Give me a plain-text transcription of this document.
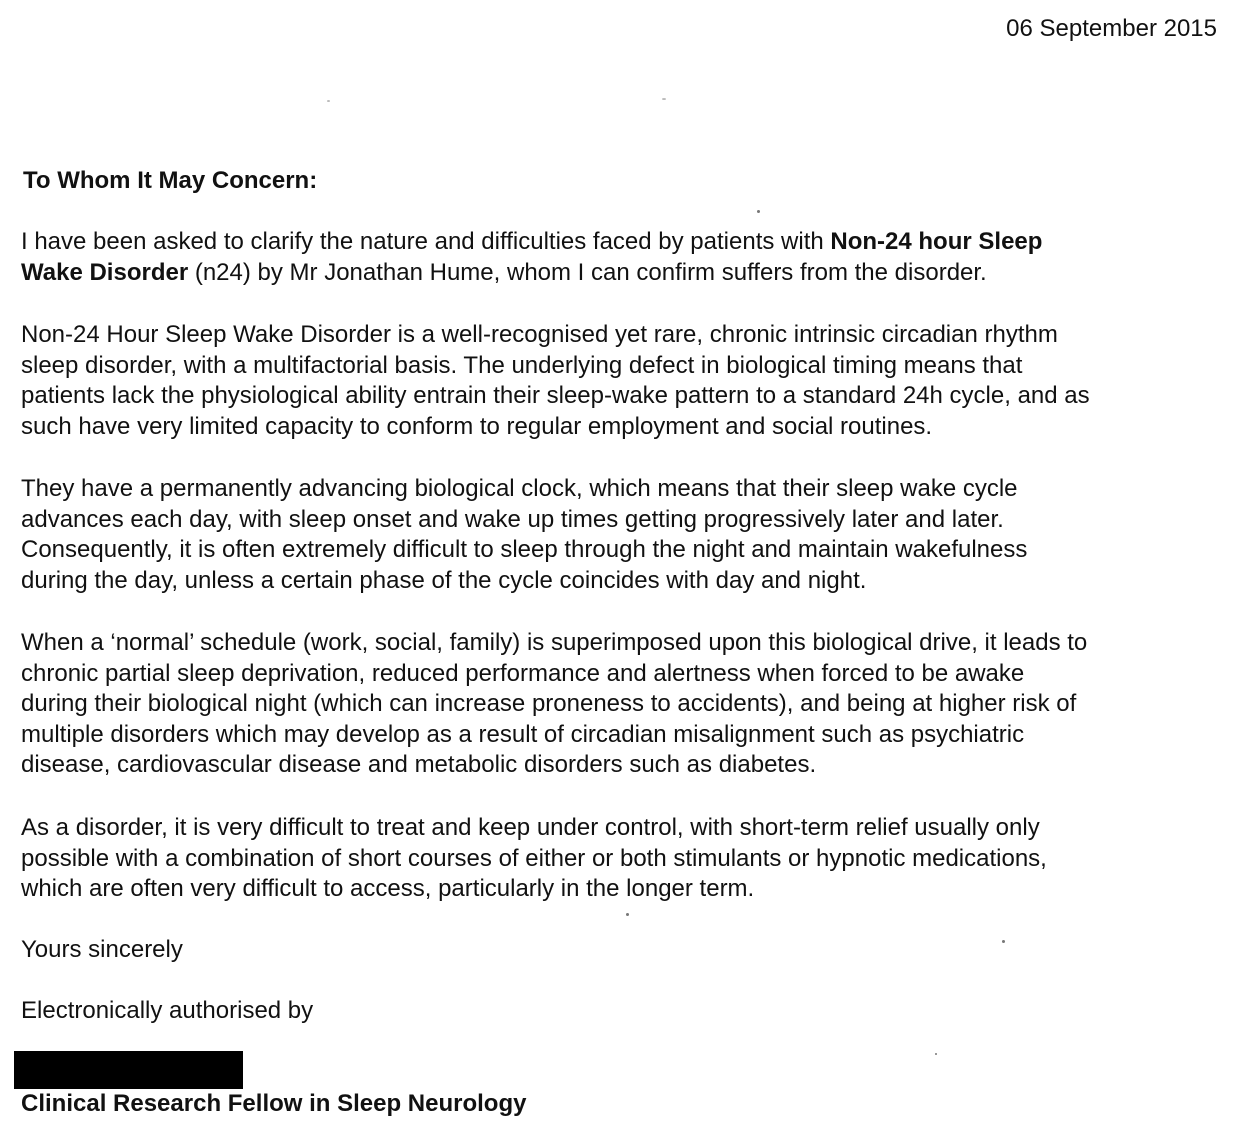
06 September 2015
To Whom It May Concern:
I have been asked to clarify the nature and difficulties faced by patients with Non-24 hour Sleep
Wake Disorder (n24) by Mr Jonathan Hume, whom I can confirm suffers from the disorder.
Non-24 Hour Sleep Wake Disorder is a well-recognised yet rare, chronic intrinsic circadian rhythm
sleep disorder, with a multifactorial basis. The underlying defect in biological timing means that
patients lack the physiological ability entrain their sleep-wake pattern to a standard 24h cycle, and as
such have very limited capacity to conform to regular employment and social routines.
They have a permanently advancing biological clock, which means that their sleep wake cycle
advances each day, with sleep onset and wake up times getting progressively later and later.
Consequently, it is often extremely difficult to sleep through the night and maintain wakefulness
during the day, unless a certain phase of the cycle coincides with day and night.
When a ‘normal’ schedule (work, social, family) is superimposed upon this biological drive, it leads to
chronic partial sleep deprivation, reduced performance and alertness when forced to be awake
during their biological night (which can increase proneness to accidents), and being at higher risk of
multiple disorders which may develop as a result of circadian misalignment such as psychiatric
disease, cardiovascular disease and metabolic disorders such as diabetes.
As a disorder, it is very difficult to treat and keep under control, with short-term relief usually only
possible with a combination of short courses of either or both stimulants or hypnotic medications,
which are often very difficult to access, particularly in the longer term.
Yours sincerely
Electronically authorised by
Clinical Research Fellow in Sleep Neurology
